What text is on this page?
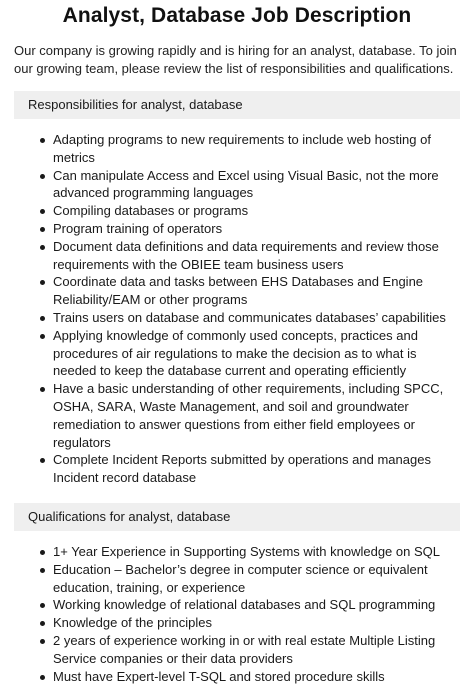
Analyst, Database Job Description

Our company is growing rapidly and is hiring for an analyst, database. To join our growing team, please review the list of responsibilities and qualifications.

Responsibilities for analyst, database
Adapting programs to new requirements to include web hosting of metrics
Can manipulate Access and Excel using Visual Basic, not the more advanced programming languages
Compiling databases or programs
Program training of operators
Document data definitions and data requirements and review those requirements with the OBIEE team business users
Coordinate data and tasks between EHS Databases and Engine Reliability/EAM or other programs
Trains users on database and communicates databases’ capabilities
Applying knowledge of commonly used concepts, practices and procedures of air regulations to make the decision as to what is needed to keep the database current and operating efficiently
Have a basic understanding of other requirements, including SPCC, OSHA, SARA, Waste Management, and soil and groundwater remediation to answer questions from either field employees or regulators
Complete Incident Reports submitted by operations and manages Incident record database
Qualifications for analyst, database
1+ Year Experience in Supporting Systems with knowledge on SQL
Education – Bachelor’s degree in computer science or equivalent education, training, or experience
Working knowledge of relational databases and SQL programming
Knowledge of the principles
2 years of experience working in or with real estate Multiple Listing Service companies or their data providers
Must have Expert-level T-SQL and stored procedure skills
